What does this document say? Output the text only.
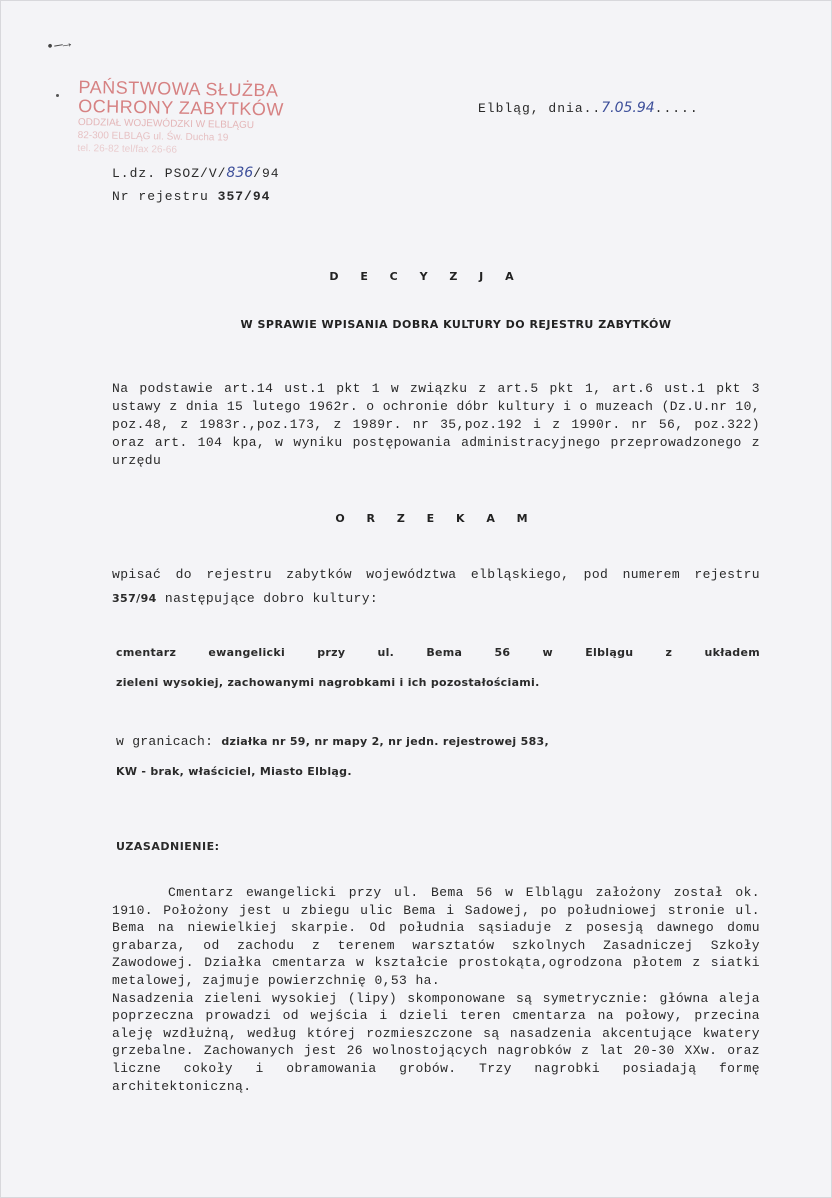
•—→
PAŃSTWOWA SŁUŻBA
OCHRONY ZABYTKÓW
ODDZIAŁ WOJEWÓDZKI W ELBLĄGU
82-300 ELBLĄG ul. Św. Ducha 19
tel. 26-82 tel/fax 26-66
Elbląg, dnia..7.05.94.....
L.dz. PSOZ/V/836/94
Nr rejestru 357/94
D E C Y Z J A
W SPRAWIE WPISANIA DOBRA KULTURY DO REJESTRU ZABYTKÓW
Na podstawie art.14 ust.1 pkt 1 w związku z art.5 pkt 1, art.6 ust.1 pkt 3 ustawy z dnia 15 lutego 1962r. o ochronie dóbr kultury i o muzeach (Dz.U.nr 10, poz.48, z 1983r.,poz.173, z 1989r. nr 35,poz.192 i z 1990r. nr 56, poz.322) oraz art. 104 kpa, w wyniku postępowania administracyjnego przeprowadzonego z urzędu
O R Z E K A M
wpisać do rejestru zabytków województwa elbląskiego, pod numerem rejestru 357/94 następujące dobro kultury:
cmentarz ewangelicki przy ul. Bema 56 w Elblągu z układem
zieleni wysokiej, zachowanymi nagrobkami i ich pozostałościami.
w granicach: działka nr 59, nr mapy 2, nr jedn. rejestrowej 583,
KW - brak, właściciel, Miasto Elbląg.
UZASADNIENIE:
Cmentarz ewangelicki przy ul. Bema 56 w Elblągu założony został ok. 1910. Położony jest u zbiegu ulic Bema i Sadowej, po południowej stronie ul. Bema na niewielkiej skarpie. Od południa sąsiaduje z posesją dawnego domu grabarza, od zachodu z terenem warsztatów szkolnych Zasadniczej Szkoły Zawodowej. Działka cmentarza w kształcie prostokąta,ogrodzona płotem z siatki metalowej, zajmuje powierzchnię 0,53 ha.
Nasadzenia zieleni wysokiej (lipy) skomponowane są symetrycznie: główna aleja poprzeczna prowadzi od wejścia i dzieli teren cmentarza na połowy, przecina aleję wzdłużną, według której rozmieszczone są nasadzenia akcentujące kwatery grzebalne. Zachowanych jest 26 wolnostojących nagrobków z lat 20-30 XXw. oraz liczne cokoły i obramowania grobów. Trzy nagrobki posiadają formę architektoniczną.
